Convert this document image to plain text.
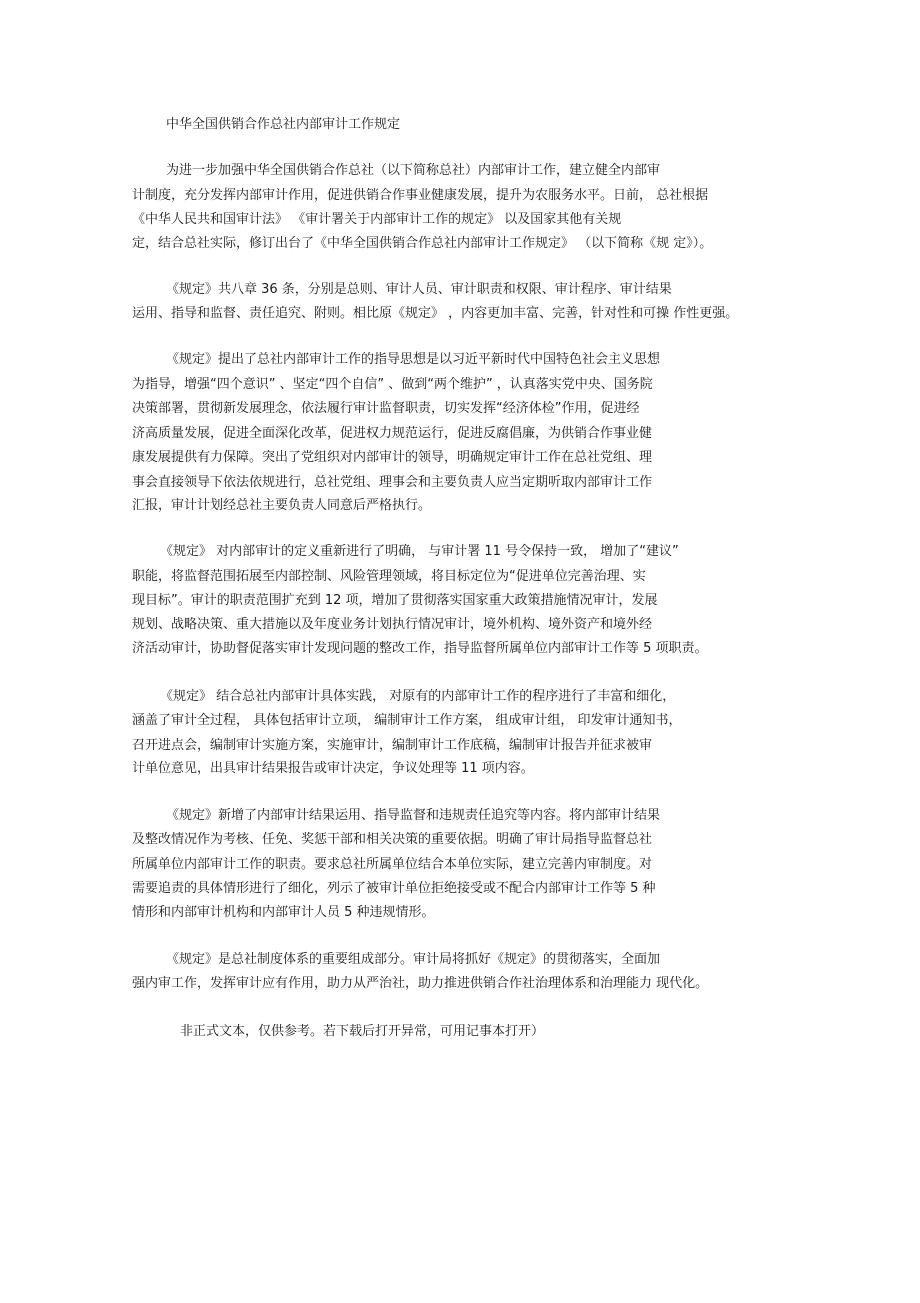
中华全国供销合作总社内部审计工作规定
为进一步加强中华全国供销合作总社（以下简称总社）内部审计工作，建立健全内部审
计制度，充分发挥内部审计作用，促进供销合作事业健康发展，提升为农服务水平。日前， 总社根据
《中华人民共和国审计法》 《审计署关于内部审计工作的规定》 以及国家其他有关规
定，结合总社实际，修订出台了《中华全国供销合作总社内部审计工作规定》 （以下简称《规 定》）。
《规定》共八章 36 条，分别是总则、审计人员、审计职责和权限、审计程序、审计结果
运用、指导和监督、责任追究、附则。相比原《规定》 ，内容更加丰富、完善，针对性和可操 作性更强。
《规定》提出了总社内部审计工作的指导思想是以习近平新时代中国特色社会主义思想
为指导，增强“四个意识” 、坚定“四个自信” 、做到“两个维护” ，认真落实党中央、国务院
决策部署，贯彻新发展理念，依法履行审计监督职责，切实发挥“经济体检”作用，促进经
济高质量发展，促进全面深化改革，促进权力规范运行，促进反腐倡廉，为供销合作事业健
康发展提供有力保障。突出了党组织对内部审计的领导，明确规定审计工作在总社党组、理
事会直接领导下依法依规进行，总社党组、理事会和主要负责人应当定期听取内部审计工作
汇报，审计计划经总社主要负责人同意后严格执行。
《规定》 对内部审计的定义重新进行了明确， 与审计署 11 号令保持一致， 增加了“建议”
职能，将监督范围拓展至内部控制、风险管理领域，将目标定位为“促进单位完善治理、实
现目标”。审计的职责范围扩充到 12 项，增加了贯彻落实国家重大政策措施情况审计，发展
规划、战略决策、重大措施以及年度业务计划执行情况审计，境外机构、境外资产和境外经
济活动审计，协助督促落实审计发现问题的整改工作，指导监督所属单位内部审计工作等 5 项职责。
《规定》 结合总社内部审计具体实践， 对原有的内部审计工作的程序进行了丰富和细化，
涵盖了审计全过程， 具体包括审计立项， 编制审计工作方案， 组成审计组， 印发审计通知书，
召开进点会，编制审计实施方案，实施审计，编制审计工作底稿，编制审计报告并征求被审
计单位意见，出具审计结果报告或审计决定，争议处理等 11 项内容。
《规定》新增了内部审计结果运用、指导监督和违规责任追究等内容。将内部审计结果
及整改情况作为考核、任免、奖惩干部和相关决策的重要依据。明确了审计局指导监督总社
所属单位内部审计工作的职责。要求总社所属单位结合本单位实际，建立完善内审制度。对
需要追责的具体情形进行了细化，列示了被审计单位拒绝接受或不配合内部审计工作等 5 种
情形和内部审计机构和内部审计人员 5 种违规情形。
《规定》是总社制度体系的重要组成部分。审计局将抓好《规定》的贯彻落实，全面加
强内审工作，发挥审计应有作用，助力从严治社，助力推进供销合作社治理体系和治理能力 现代化。
非正式文本，仅供参考。若下载后打开异常，可用记事本打开）
